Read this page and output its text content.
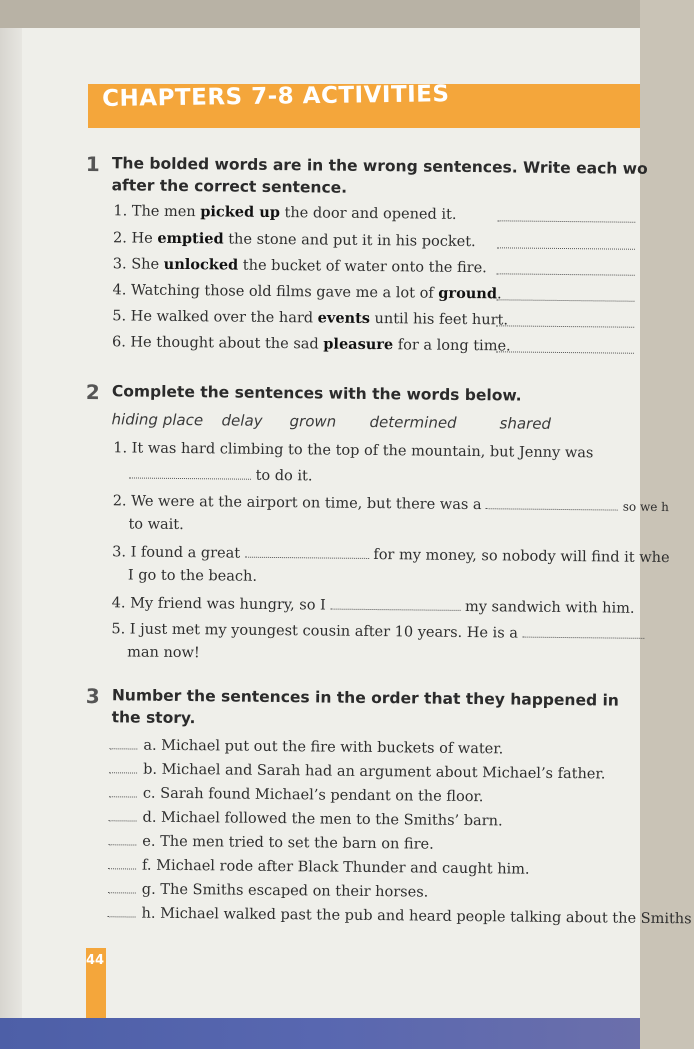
CHAPTERS 7-8 ACTIVITIES
1 The bolded words are in the wrong sentences. Write each wo
after the correct sentence.
1. The men picked up the door and opened it.
2. He emptied the stone and put it in his pocket.
3. She unlocked the bucket of water onto the fire.
4. Watching those old films gave me a lot of ground.
5. He walked over the hard events until his feet hurt.
6. He thought about the sad pleasure for a long time.
2 Complete the sentences with the words below.
hiding place delay grown determined	shared
1. It was hard climbing to the top of the mountain, but Jenny was
to do it.
2. We were at the airport on time, but there was a	so we h
to wait.
3. I found a great	for my money, so nobody will find it whe
I go to the beach.
4. My friend was hungry, so I	my sandwich with him.
5. I just met my youngest cousin after 10 years. He is a
man now!
3 Number the sentences in the order that they happened in
the story.
a. Michael put out the fire with buckets of water.
b. Michael and Sarah had an argument about Michael’s father.
c. Sarah found Michael’s pendant on the floor.
d. Michael followed the men to the Smiths’ barn.
e. The men tried to set the barn on fire.
f. Michael rode after Black Thunder and caught him.
g. The Smiths escaped on their horses.
h. Michael walked past the pub and heard people talking about the Smiths
44
